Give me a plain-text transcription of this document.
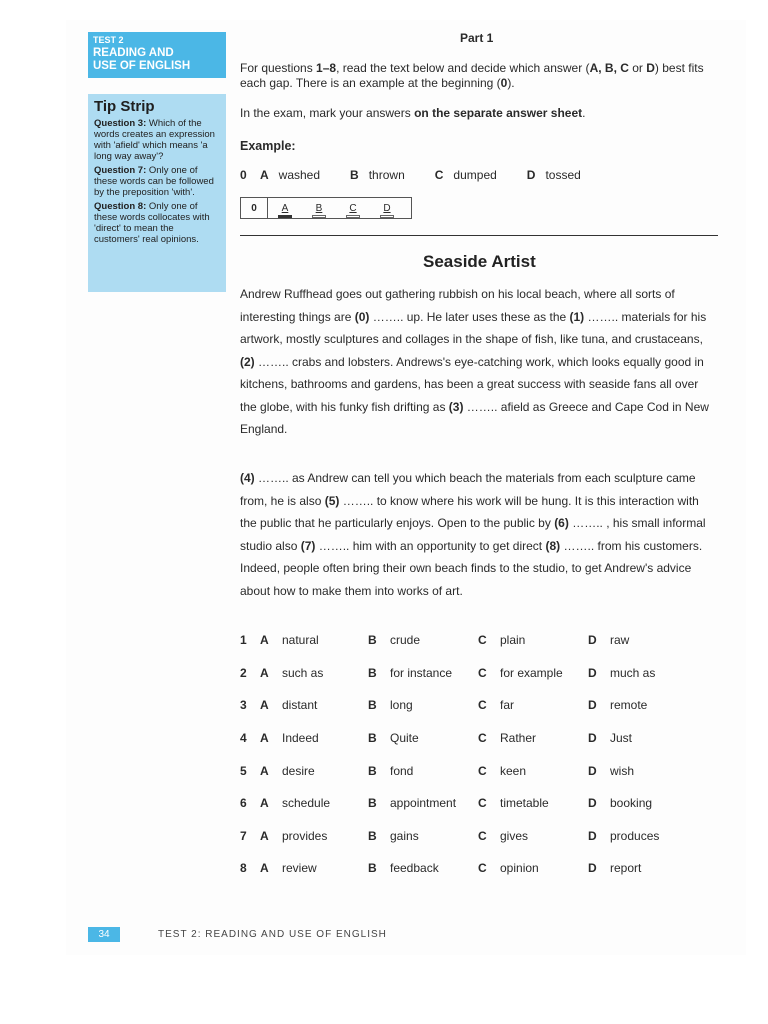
TEST 2
READING AND
USE OF ENGLISH
Tip Strip
Question 3: Which of the words creates an expression with 'afield' which means 'a long way away'?
Question 7: Only one of these words can be followed by the preposition 'with'.
Question 8: Only one of these words collocates with 'direct' to mean the customers' real opinions.
Part 1
For questions 1–8, read the text below and decide which answer (A, B, C or D) best fits each gap. There is an example at the beginning (0).
In the exam, mark your answers on the separate answer sheet.
Example:
0	A washed	B thrown	C dumped	D tossed
0	A	B	C	D
Seaside Artist
Andrew Ruffhead goes out gathering rubbish on his local beach, where all sorts of interesting things are (0) …….. up. He later uses these as the (1) …….. materials for his artwork, mostly sculptures and collages in the shape of fish, like tuna, and crustaceans, (2) …….. crabs and lobsters. Andrews's eye-catching work, which looks equally good in kitchens, bathrooms and gardens, has been a great success with seaside fans all over the globe, with his funky fish drifting as (3) …….. afield as Greece and Cape Cod in New England.
(4) …….. as Andrew can tell you which beach the materials from each sculpture came from, he is also (5) …….. to know where his work will be hung. It is this interaction with the public that he particularly enjoys. Open to the public by (6) …….. , his small informal studio also (7) …….. him with an opportunity to get direct (8) …….. from his customers. Indeed, people often bring their own beach finds to the studio, to get Andrew's advice about how to make them into works of art.
1	A	natural	B	crude	C	plain	D	raw
2	A	such as	B	for instance	C	for example	D	much as
3	A	distant	B	long	C	far	D	remote
4	A	Indeed	B	Quite	C	Rather	D	Just
5	A	desire	B	fond	C	keen	D	wish
6	A	schedule	B	appointment	C	timetable	D	booking
7	A	provides	B	gains	C	gives	D	produces
8	A	review	B	feedback	C	opinion	D	report
34	TEST 2: READING AND USE OF ENGLISH
